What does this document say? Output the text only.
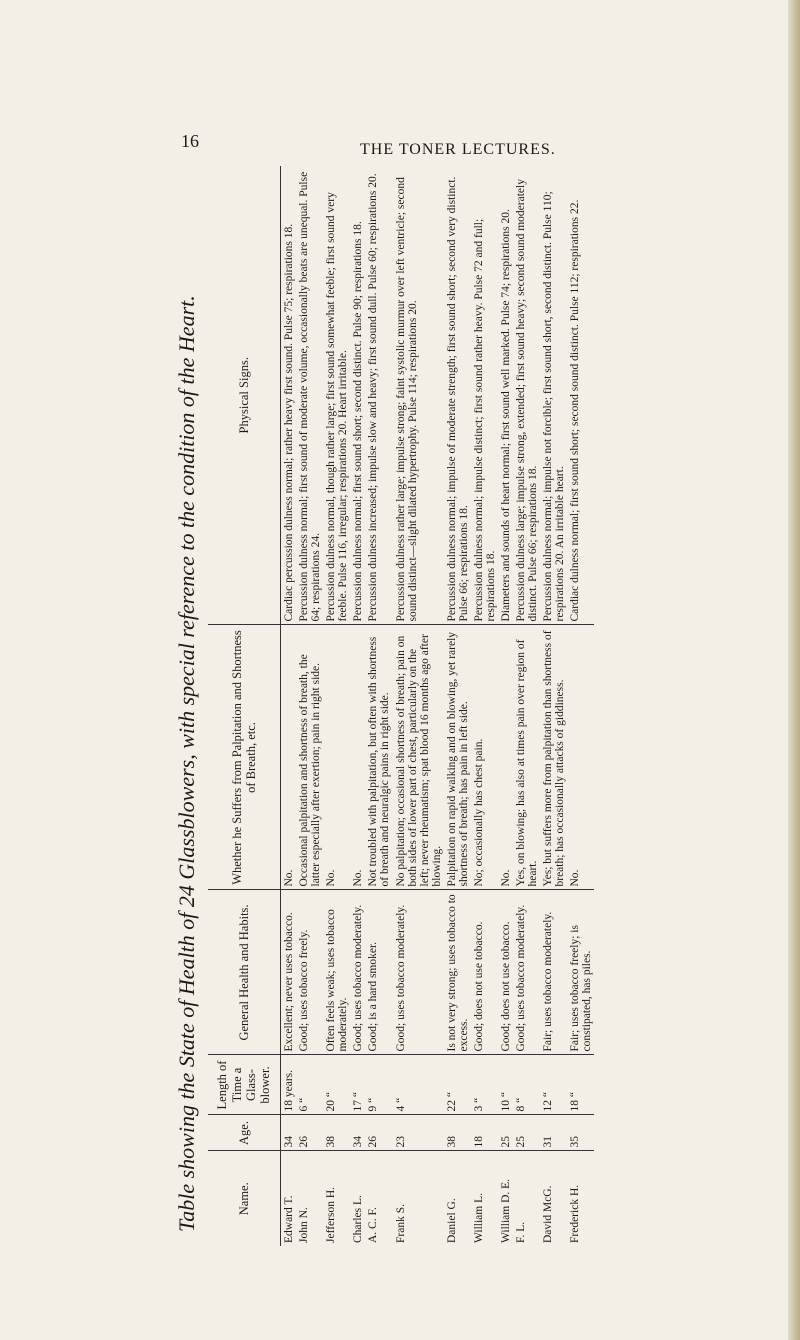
16	THE TONER LECTURES.
Table showing the State of Health of 24 Glassblowers, with special reference to the condition of the Heart.	Name.	Age.	Length of Time a Glass-blower.	General Health and Habits.	Whether he Suffers from Palpitation and Shortness of Breath, etc.	Physical Signs.
Edward T.	34	18 years.	Excellent; never uses tobacco.	No.	Cardiac percussion dulness normal; rather heavy first sound. Pulse 75; respirations 18.
John N.	26	6 “	Good; uses tobacco freely.	Occasional palpitation and shortness of breath, the latter especially after exertion; pain in right side.	Percussion dulness normal; first sound of moderate volume, occasionally beats are unequal. Pulse 64; respirations 24.
Jefferson H.	38	20 “	Often feels weak; uses tobacco moderately.	No.	Percussion dulness normal, though rather large; first sound somewhat feeble; first sound very feeble. Pulse 116, irregular; respirations 20. Heart irritable.
Charles L.	34	17 “	Good; uses tobacco moderately.	No.	Percussion dulness normal; first sound short; second distinct. Pulse 90; respirations 18.
A. C. F.	26	9 “	Good; is a hard smoker.	Not troubled with palpitation, but often with shortness of breath and neuralgic pains in right side.	Percussion dulness increased; impulse slow and heavy; first sound dull. Pulse 60; respirations 20.
Frank S.	23	4 “	Good; uses tobacco moderately.	No palpitation; occasional shortness of breath; pain on both sides of lower part of chest, particularly on the left; never rheumatism; spat blood 16 months ago after blowing.	Percussion dulness rather large; impulse strong; faint systolic murmur over left ventricle; second sound distinct—slight dilated hypertrophy. Pulse 114; respirations 20.
Daniel G.	38	22 “	Is not very strong; uses tobacco to excess.	Palpitation on rapid walking and on blowing, yet rarely shortness of breath; has pain in left side.	Percussion dulness normal; impulse of moderate strength; first sound short; second very distinct. Pulse 66; respirations 18.
William L.	18	3 “	Good; does not use tobacco.	No; occasionally has chest pain.	Percussion dulness normal; impulse distinct; first sound rather heavy. Pulse 72 and full; respirations 18.
William D. E.	25	10 “	Good; does not use tobacco.	No.	Diameters and sounds of heart normal; first sound well marked. Pulse 74; respirations 20.
F. L.	25	8 “	Good; uses tobacco moderately.	Yes, on blowing; has also at times pain over region of heart.	Percussion dulness large; impulse strong, extended; first sound heavy; second sound moderately distinct. Pulse 66; respirations 18.
David McG.	31	12 “	Fair; uses tobacco moderately.	Yes; but suffers more from palpitation than shortness of breath; has occasionally attacks of giddiness.	Percussion dulness normal; impulse not forcible; first sound short, second distinct. Pulse 110; respirations 20. An irritable heart.
Frederick H.	35	18 “	Fair; uses tobacco freely; is constipated, has piles.	No.	Cardiac dulness normal; first sound short; second sound distinct. Pulse 112; respirations 22.
